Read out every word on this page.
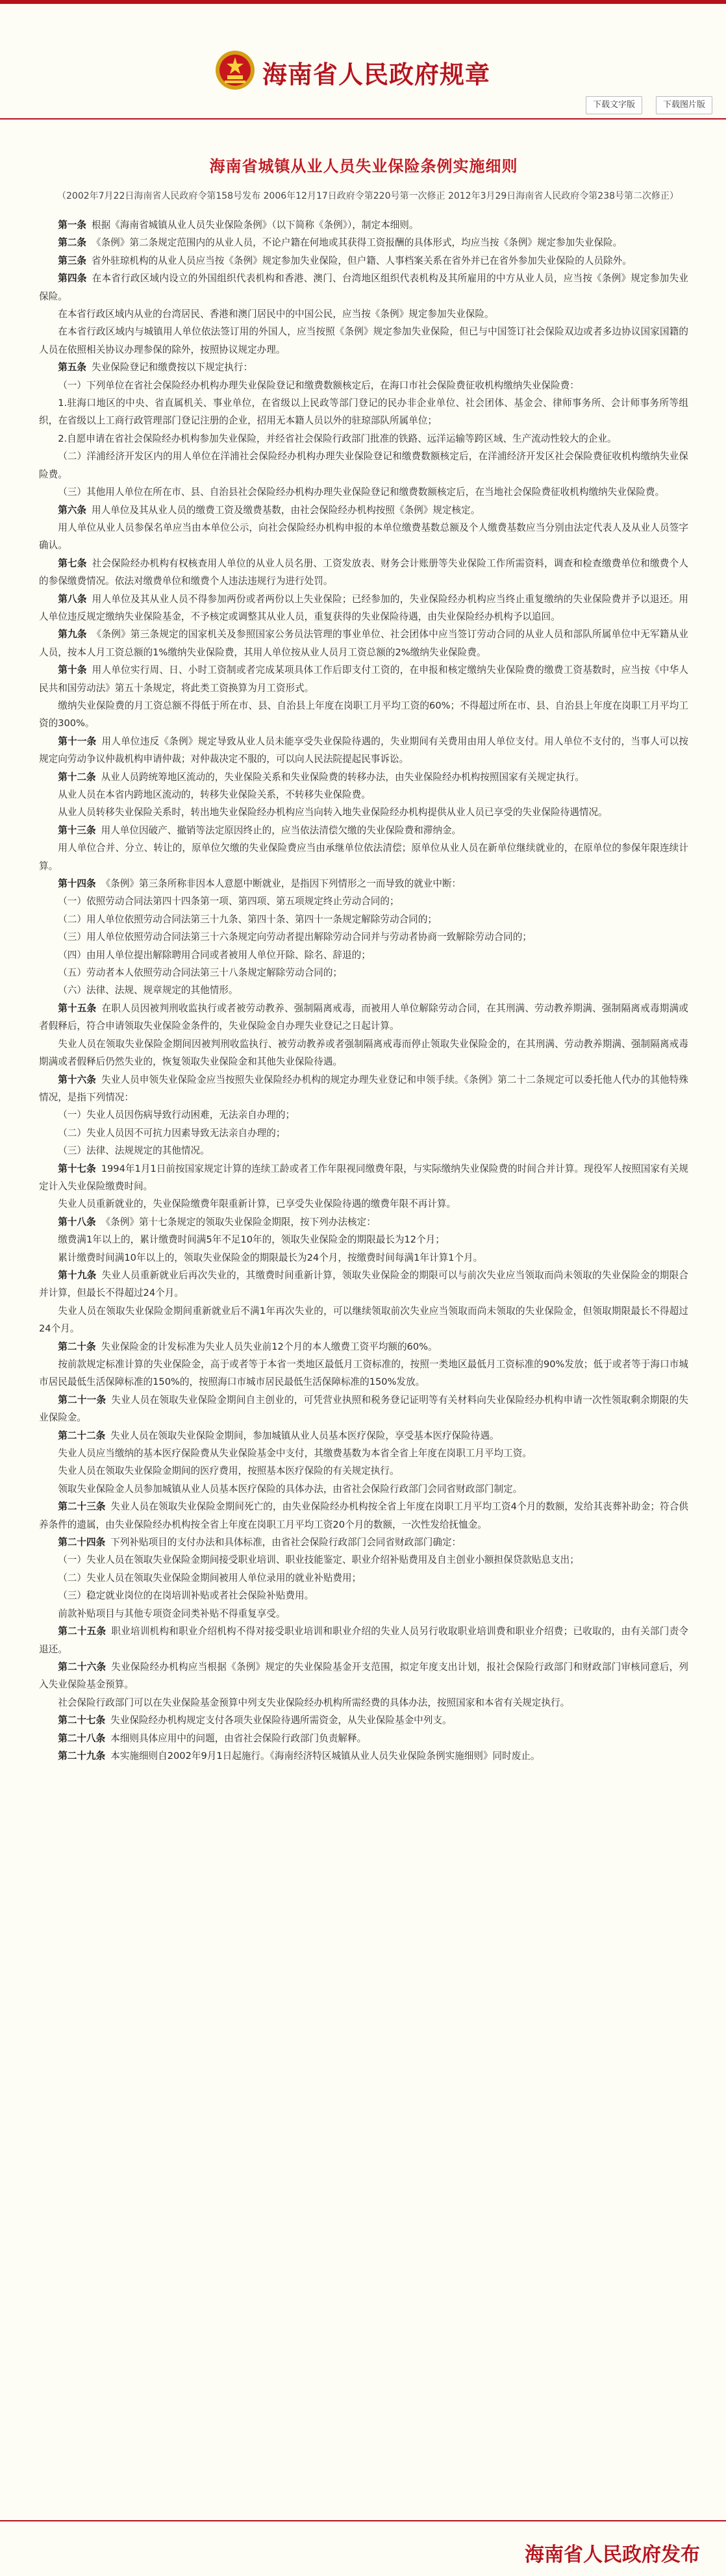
海南省人民政府规章
下载文字版	下载图片版
海南省城镇从业人员失业保险条例实施细则
（2002年7月22日海南省人民政府令第158号发布 2006年12月17日政府令第220号第一次修正 2012年3月29日海南省人民政府令第238号第二次修正）

第一条 根据《海南省城镇从业人员失业保险条例》（以下简称《条例》），制定本细则。

第二条 《条例》第二条规定范围内的从业人员，不论户籍在何地或其获得工资报酬的具体形式，均应当按《条例》规定参加失业保险。

第三条 省外驻琼机构的从业人员应当按《条例》规定参加失业保险，但户籍、人事档案关系在省外并已在省外参加失业保险的人员除外。

第四条 在本省行政区域内设立的外国组织代表机构和香港、澳门、台湾地区组织代表机构及其所雇用的中方从业人员，应当按《条例》规定参加失业保险。

在本省行政区域内从业的台湾居民、香港和澳门居民中的中国公民，应当按《条例》规定参加失业保险。

在本省行政区域内与城镇用人单位依法签订用的外国人，应当按照《条例》规定参加失业保险，但已与中国签订社会保险双边或者多边协议国家国籍的人员在依照相关协议办理参保的除外，按照协议规定办理。

第五条 失业保险登记和缴费按以下规定执行：

（一）下列单位在省社会保险经办机构办理失业保险登记和缴费数额核定后，在海口市社会保险费征收机构缴纳失业保险费：

1.驻海口地区的中央、省直属机关、事业单位，在省级以上民政等部门登记的民办非企业单位、社会团体、基金会、律师事务所、会计师事务所等组织，在省级以上工商行政管理部门登记注册的企业，招用无本籍人员以外的驻琼部队所属单位；

2.自愿申请在省社会保险经办机构参加失业保险，并经省社会保险行政部门批准的铁路、远洋运输等跨区域、生产流动性较大的企业。

（二）洋浦经济开发区内的用人单位在洋浦社会保险经办机构办理失业保险登记和缴费数额核定后，在洋浦经济开发区社会保险费征收机构缴纳失业保险费。

（三）其他用人单位在所在市、县、自治县社会保险经办机构办理失业保险登记和缴费数额核定后，在当地社会保险费征收机构缴纳失业保险费。

第六条 用人单位及其从业人员的缴费工资及缴费基数，由社会保险经办机构按照《条例》规定核定。

用人单位从业人员参保名单应当由本单位公示，向社会保险经办机构申报的本单位缴费基数总额及个人缴费基数应当分别由法定代表人及从业人员签字确认。

第七条 社会保险经办机构有权核查用人单位的从业人员名册、工资发放表、财务会计账册等失业保险工作所需资料，调查和检查缴费单位和缴费个人的参保缴费情况。依法对缴费单位和缴费个人违法违规行为进行处罚。

第八条 用人单位及其从业人员不得参加两份或者两份以上失业保险；已经参加的，失业保险经办机构应当终止重复缴纳的失业保险费并予以退还。用人单位违反规定缴纳失业保险基金，不予核定或调整其从业人员，重复获得的失业保险待遇，由失业保险经办机构予以追回。

第九条 《条例》第三条规定的国家机关及参照国家公务员法管理的事业单位、社会团体中应当签订劳动合同的从业人员和部队所属单位中无军籍从业人员，按本人月工资总额的1%缴纳失业保险费，其用人单位按从业人员月工资总额的2%缴纳失业保险费。

第十条 用人单位实行周、日、小时工资制或者完成某项具体工作后即支付工资的，在申报和核定缴纳失业保险费的缴费工资基数时，应当按《中华人民共和国劳动法》第五十条规定，将此类工资换算为月工资形式。

缴纳失业保险费的月工资总额不得低于所在市、县、自治县上年度在岗职工月平均工资的60%；不得超过所在市、县、自治县上年度在岗职工月平均工资的300%。

第十一条 用人单位违反《条例》规定导致从业人员未能享受失业保险待遇的，失业期间有关费用由用人单位支付。用人单位不支付的，当事人可以按规定向劳动争议仲裁机构申请仲裁；对仲裁决定不服的，可以向人民法院提起民事诉讼。

第十二条 从业人员跨统筹地区流动的，失业保险关系和失业保险费的转移办法，由失业保险经办机构按照国家有关规定执行。

从业人员在本省内跨地区流动的，转移失业保险关系，不转移失业保险费。

从业人员转移失业保险关系时，转出地失业保险经办机构应当向转入地失业保险经办机构提供从业人员已享受的失业保险待遇情况。

第十三条 用人单位因破产、撤销等法定原因终止的，应当依法清偿欠缴的失业保险费和滞纳金。

用人单位合并、分立、转让的，原单位欠缴的失业保险费应当由承继单位依法清偿；原单位从业人员在新单位继续就业的，在原单位的参保年限连续计算。

第十四条 《条例》第三条所称非因本人意愿中断就业，是指因下列情形之一而导致的就业中断：

（一）依照劳动合同法第四十四条第一项、第四项、第五项规定终止劳动合同的；

（二）用人单位依照劳动合同法第三十九条、第四十条、第四十一条规定解除劳动合同的；

（三）用人单位依照劳动合同法第三十六条规定向劳动者提出解除劳动合同并与劳动者协商一致解除劳动合同的；

（四）由用人单位提出解除聘用合同或者被用人单位开除、除名、辞退的；

（五）劳动者本人依照劳动合同法第三十八条规定解除劳动合同的；

（六）法律、法规、规章规定的其他情形。

第十五条 在职人员因被判刑收监执行或者被劳动教养、强制隔离戒毒，而被用人单位解除劳动合同，在其刑满、劳动教养期满、强制隔离戒毒期满或者假释后，符合申请领取失业保险金条件的，失业保险金自办理失业登记之日起计算。

失业人员在领取失业保险金期间因被判刑收监执行、被劳动教养或者强制隔离戒毒而停止领取失业保险金的，在其刑满、劳动教养期满、强制隔离戒毒期满或者假释后仍然失业的，恢复领取失业保险金和其他失业保险待遇。

第十六条 失业人员申领失业保险金应当按照失业保险经办机构的规定办理失业登记和申领手续。《条例》第二十二条规定可以委托他人代办的其他特殊情况，是指下列情况：

（一）失业人员因伤病导致行动困难，无法亲自办理的；

（二）失业人员因不可抗力因素导致无法亲自办理的；

（三）法律、法规规定的其他情况。

第十七条 1994年1月1日前按国家规定计算的连续工龄或者工作年限视同缴费年限，与实际缴纳失业保险费的时间合并计算。现役军人按照国家有关规定计入失业保险缴费时间。

失业人员重新就业的，失业保险缴费年限重新计算，已享受失业保险待遇的缴费年限不再计算。

第十八条 《条例》第十七条规定的领取失业保险金期限，按下列办法核定：

缴费满1年以上的，累计缴费时间满5年不足10年的，领取失业保险金的期限最长为12个月；

累计缴费时间满10年以上的，领取失业保险金的期限最长为24个月，按缴费时间每满1年计算1个月。

第十九条 失业人员重新就业后再次失业的，其缴费时间重新计算，领取失业保险金的期限可以与前次失业应当领取而尚未领取的失业保险金的期限合并计算，但最长不得超过24个月。

失业人员在领取失业保险金期间重新就业后不满1年再次失业的，可以继续领取前次失业应当领取而尚未领取的失业保险金，但领取期限最长不得超过24个月。

第二十条 失业保险金的计发标准为失业人员失业前12个月的本人缴费工资平均额的60%。

按前款规定标准计算的失业保险金，高于或者等于本省一类地区最低月工资标准的，按照一类地区最低月工资标准的90%发放；低于或者等于海口市城市居民最低生活保障标准的150%的，按照海口市城市居民最低生活保障标准的150%发放。

第二十一条 失业人员在领取失业保险金期间自主创业的，可凭营业执照和税务登记证明等有关材料向失业保险经办机构申请一次性领取剩余期限的失业保险金。

第二十二条 失业人员在领取失业保险金期间，参加城镇从业人员基本医疗保险，享受基本医疗保险待遇。

失业人员应当缴纳的基本医疗保险费从失业保险基金中支付，其缴费基数为本省全省上年度在岗职工月平均工资。

失业人员在领取失业保险金期间的医疗费用，按照基本医疗保险的有关规定执行。

领取失业保险金人员参加城镇从业人员基本医疗保险的具体办法，由省社会保险行政部门会同省财政部门制定。

第二十三条 失业人员在领取失业保险金期间死亡的，由失业保险经办机构按全省上年度在岗职工月平均工资4个月的数额，发给其丧葬补助金；符合供养条件的遗属，由失业保险经办机构按全省上年度在岗职工月平均工资20个月的数额，一次性发给抚恤金。

第二十四条 下列补贴项目的支付办法和具体标准，由省社会保险行政部门会同省财政部门确定：

（一）失业人员在领取失业保险金期间接受职业培训、职业技能鉴定、职业介绍补贴费用及自主创业小额担保贷款贴息支出；

（二）失业人员在领取失业保险金期间被用人单位录用的就业补贴费用；

（三）稳定就业岗位的在岗培训补贴或者社会保险补贴费用。

前款补贴项目与其他专项资金同类补贴不得重复享受。

第二十五条 职业培训机构和职业介绍机构不得对接受职业培训和职业介绍的失业人员另行收取职业培训费和职业介绍费；已收取的，由有关部门责令退还。

第二十六条 失业保险经办机构应当根据《条例》规定的失业保险基金开支范围，拟定年度支出计划，报社会保险行政部门和财政部门审核同意后，列入失业保险基金预算。

社会保险行政部门可以在失业保险基金预算中列支失业保险经办机构所需经费的具体办法，按照国家和本省有关规定执行。

第二十七条 失业保险经办机构规定支付各项失业保险待遇所需资金，从失业保险基金中列支。

第二十八条 本细则具体应用中的问题，由省社会保险行政部门负责解释。

第二十九条 本实施细则自2002年9月1日起施行。《海南经济特区城镇从业人员失业保险条例实施细则》同时废止。

海南省人民政府发布
